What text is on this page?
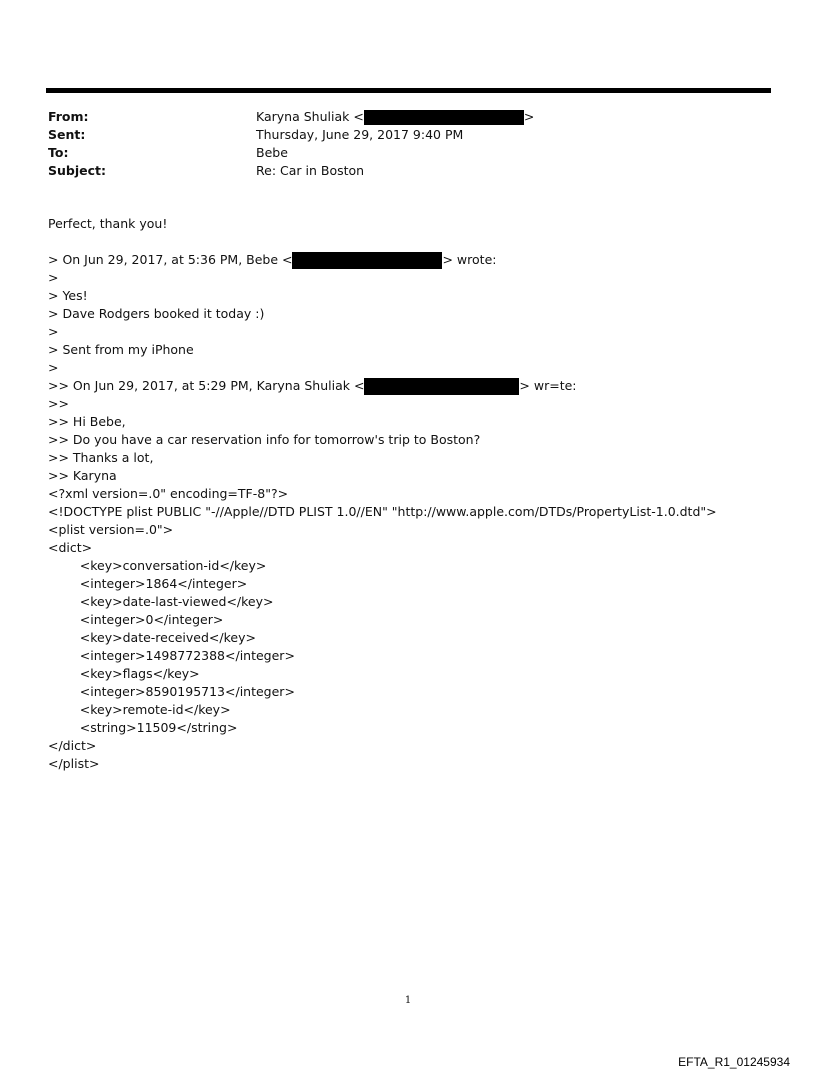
From:	Karyna Shuliak <	>
Sent:	Thursday, June 29, 2017 9:40 PM
To:	Bebe
Subject:	Re: Car in Boston
Perfect, thank you!
> On Jun 29, 2017, at 5:36 PM, Bebe <	> wrote:
>
> Yes!
> Dave Rodgers booked it today :)
>
> Sent from my iPhone
>
>> On Jun 29, 2017, at 5:29 PM, Karyna Shuliak <	> wr=te:
>>
>> Hi Bebe,
>> Do you have a car reservation info for tomorrow's trip to Boston?
>> Thanks a lot,
>> Karyna
<?xml version=.0" encoding=TF-8"?>
<!DOCTYPE plist PUBLIC "-//Apple//DTD PLIST 1.0//EN" "http://www.apple.com/DTDs/PropertyList-1.0.dtd">
<plist version=.0">
<dict>
<key>conversation-id</key>
<integer>1864</integer>
<key>date-last-viewed</key>
<integer>0</integer>
<key>date-received</key>
<integer>1498772388</integer>
<key>flags</key>
<integer>8590195713</integer>
<key>remote-id</key>
<string>11509</string>
</dict>
</plist>
1
EFTA_R1_01245934
